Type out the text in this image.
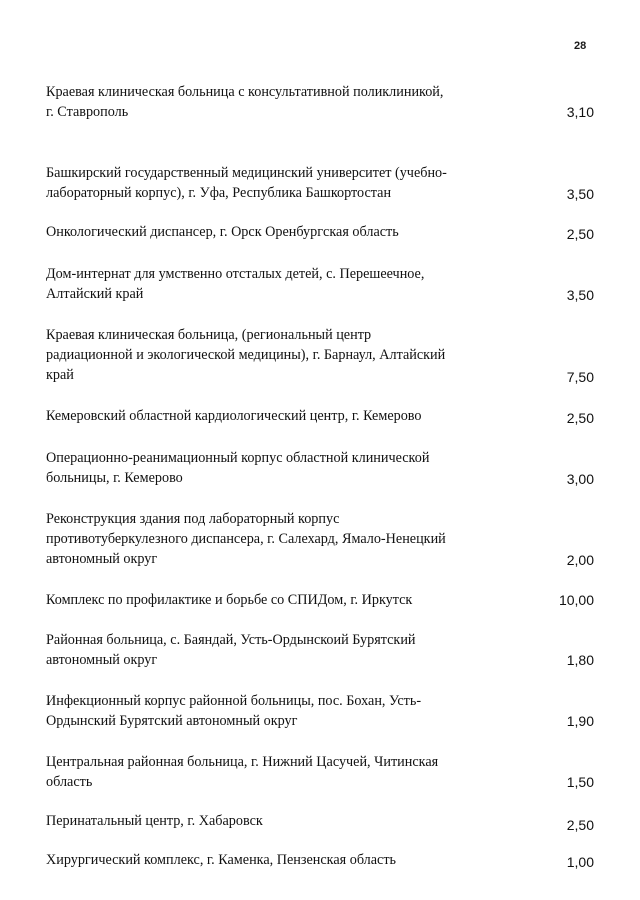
28
Краевая клиническая больница с консультативной поликлиникой,
г. Ставрополь	3,10
Башкирский государственный медицинский университет (учебно-
лабораторный корпус), г. Уфа, Республика Башкортостан	3,50
Онкологический диспансер, г. Орск Оренбургская область	2,50
Дом-интернат для умственно отсталых детей, с. Перешеечное,
Алтайский край	3,50
Краевая клиническая больница, (региональный центр
радиационной и экологической медицины), г. Барнаул, Алтайский
край	7,50
Кемеровский областной кардиологический центр, г. Кемерово	2,50
Операционно-реанимационный корпус областной клинической
больницы, г. Кемерово	3,00
Реконструкция здания под лабораторный корпус
противотуберкулезного диспансера, г. Салехард, Ямало-Ненецкий
автономный округ	2,00
Комплекс по профилактике и борьбе со СПИДом, г. Иркутск	10,00
Районная больница, с. Баяндай, Усть-Ордынскоий Бурятский
автономный округ	1,80
Инфекционный корпус районной больницы, пос. Бохан, Усть-
Ордынский Бурятский автономный округ	1,90
Центральная районная больница, г. Нижний Цасучей, Читинская
область	1,50
Перинатальный центр, г. Хабаровск	2,50
Хирургический комплекс, г. Каменка, Пензенская область	1,00
